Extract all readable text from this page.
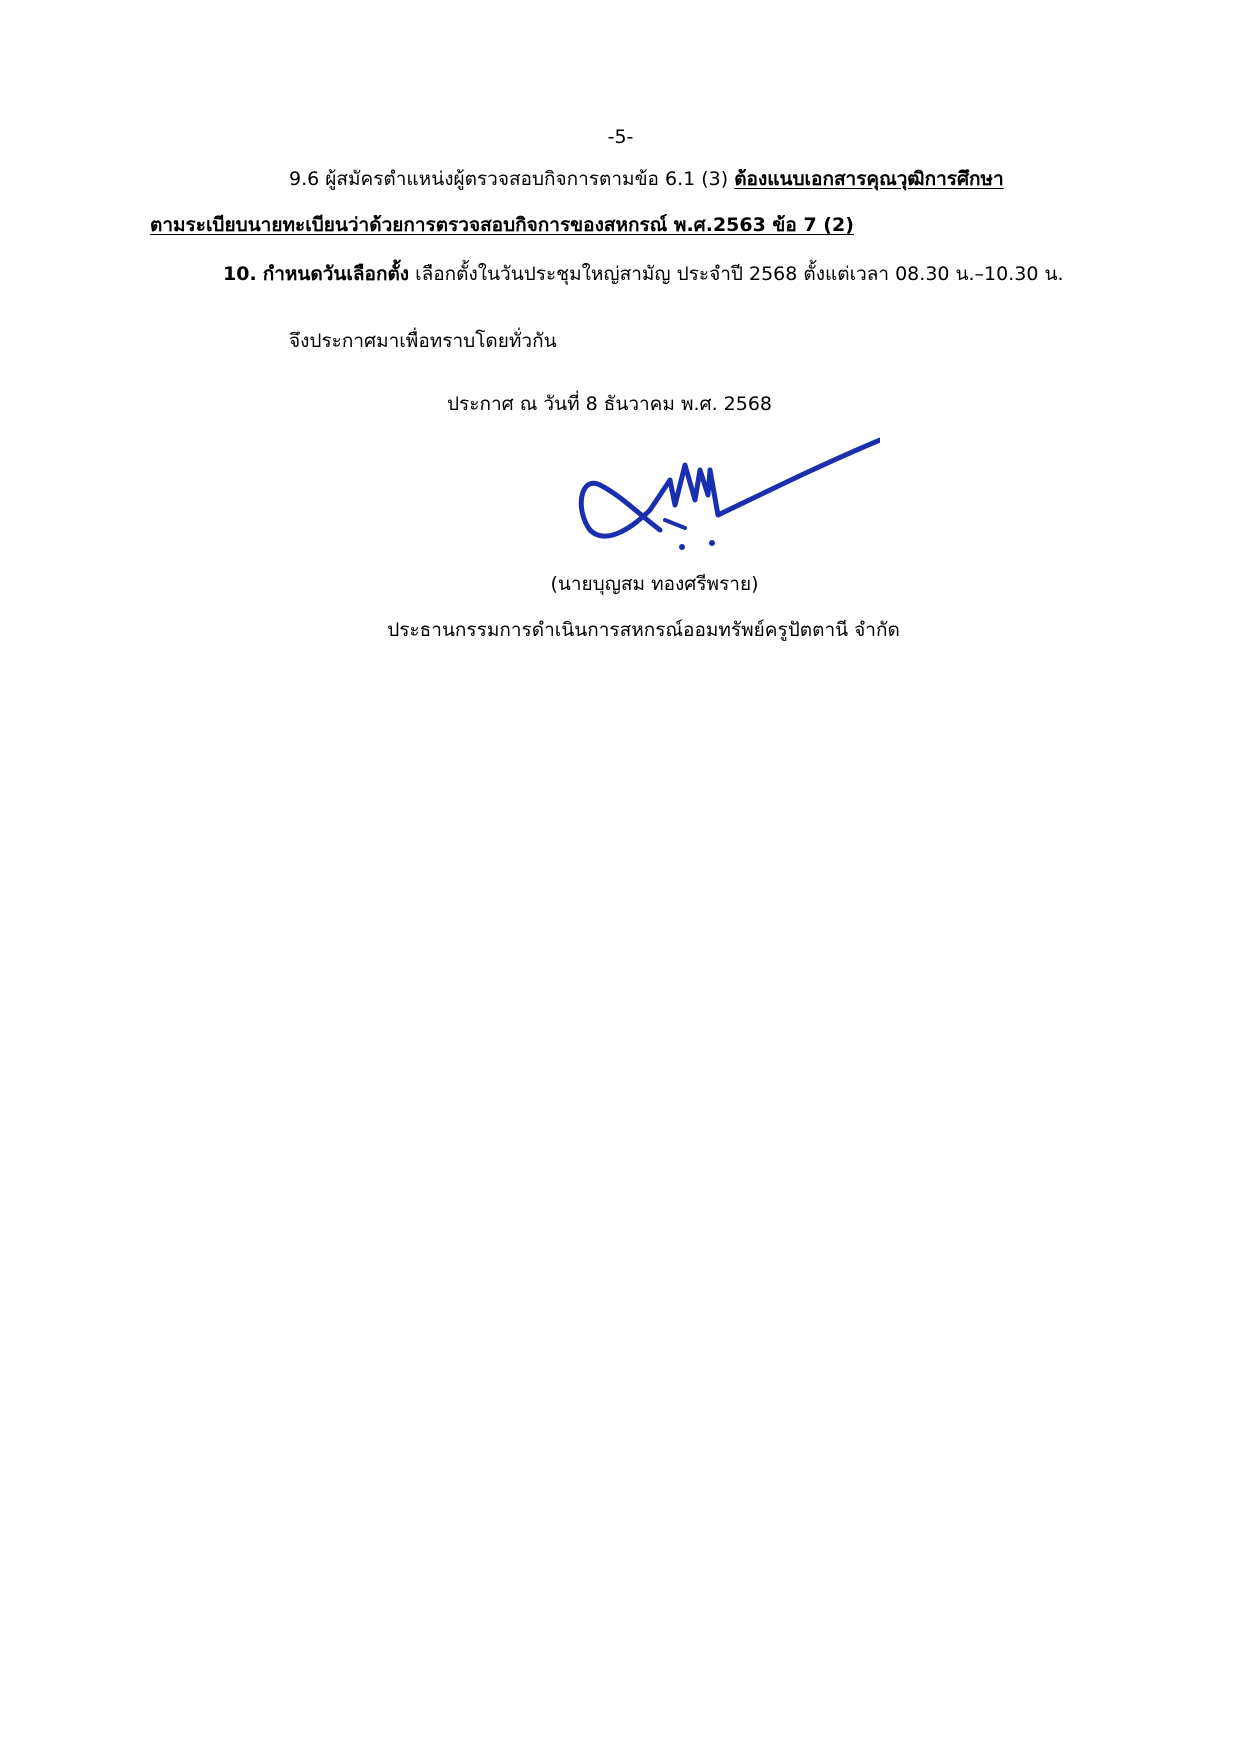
-5-
9.6 ผู้สมัครตำแหน่งผู้ตรวจสอบกิจการตามข้อ 6.1 (3) ต้องแนบเอกสารคุณวุฒิการศึกษา
ตามระเบียบนายทะเบียนว่าด้วยการตรวจสอบกิจการของสหกรณ์ พ.ศ.2563 ข้อ 7 (2)
10. กำหนดวันเลือกตั้ง เลือกตั้งในวันประชุมใหญ่สามัญ ประจำปี 2568 ตั้งแต่เวลา 08.30 น.–10.30 น.
จึงประกาศมาเพื่อทราบโดยทั่วกัน
ประกาศ ณ วันที่ 8 ธันวาคม พ.ศ. 2568
(นายบุญสม ทองศรีพราย)
ประธานกรรมการดำเนินการสหกรณ์ออมทรัพย์ครูปัตตานี จำกัด
